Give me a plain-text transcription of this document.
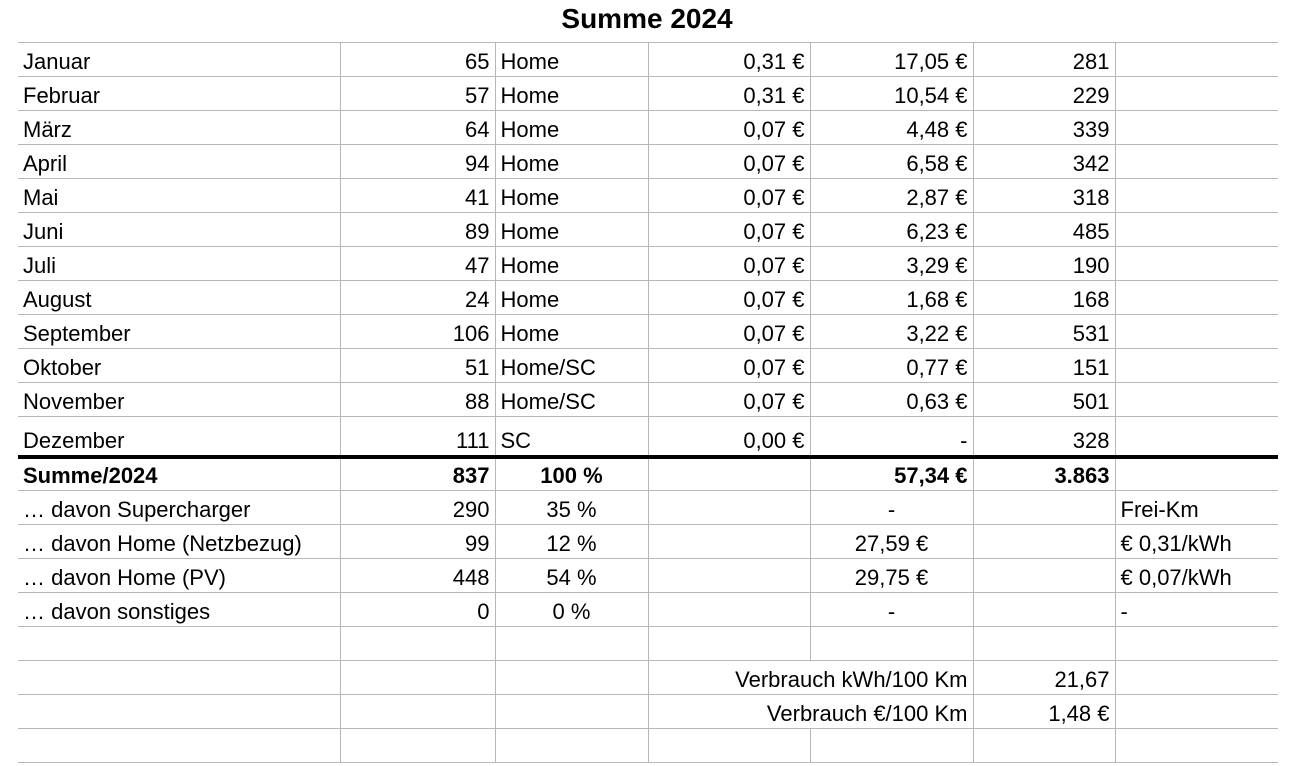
Summe 2024
Januar	65	Home	0,31 €	17,05 €	281	
Februar	57	Home	0,31 €	10,54 €	229	
März	64	Home	0,07 €	4,48 €	339	
April	94	Home	0,07 €	6,58 €	342	
Mai	41	Home	0,07 €	2,87 €	318	
Juni	89	Home	0,07 €	6,23 €	485	
Juli	47	Home	0,07 €	3,29 €	190	
August	24	Home	0,07 €	1,68 €	168	
September	106	Home	0,07 €	3,22 €	531	
Oktober	51	Home/SC	0,07 €	0,77 €	151	
November	88	Home/SC	0,07 €	0,63 €	501	
Dezember	111	SC	0,00 €	-	328	
Summe/2024	837	100 %		57,34 €	3.863	
… davon Supercharger	290	35 %		-		Frei-Km
… davon Home (Netzbezug)	99	12 %		27,59 €		€ 0,31/kWh
… davon Home (PV)	448	54 %		29,75 €		€ 0,07/kWh
… davon sonstiges	0	0 %		-		-

			Verbrauch kWh/100 Km		21,67	
			Verbrauch €/100 Km		1,48 €	
